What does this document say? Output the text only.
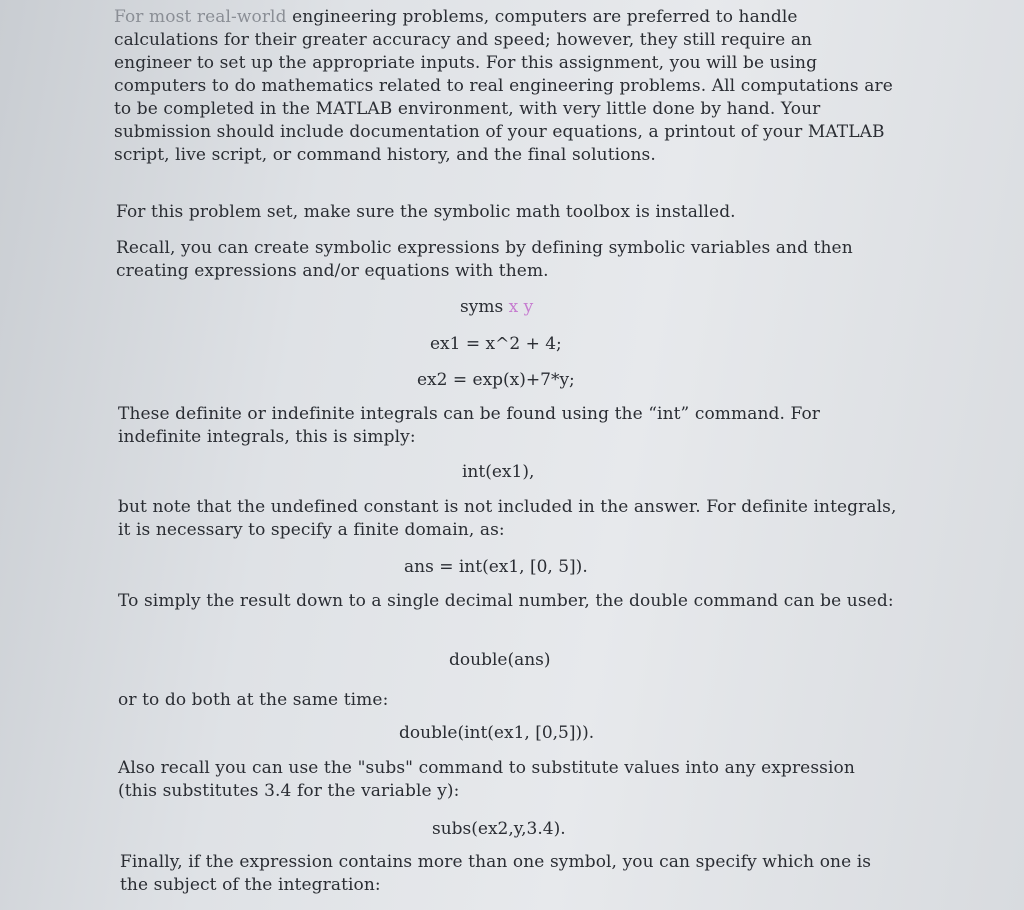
For most real-world engineering problems, computers are preferred to handle calculations for their greater accuracy and speed; however, they still require an engineer to set up the appropriate inputs. For this assignment, you will be using computers to do mathematics related to real engineering problems. All computations are to be completed in the MATLAB environment, with very little done by hand. Your submission should include documentation of your equations, a printout of your MATLAB script, live script, or command history, and the final solutions.

For this problem set, make sure the symbolic math toolbox is installed.

Recall, you can create symbolic expressions by defining symbolic variables and then creating expressions and/or equations with them.

syms x y

ex1 = x^2 + 4;

ex2 = exp(x)+7*y;

These definite or indefinite integrals can be found using the “int” command. For indefinite integrals, this is simply:

int(ex1),

but note that the undefined constant is not included in the answer. For definite integrals, it is necessary to specify a finite domain, as:

ans = int(ex1, [0, 5]).

To simply the result down to a single decimal number, the double command can be used:

double(ans)

or to do both at the same time:

double(int(ex1, [0,5])).

Also recall you can use the "subs" command to substitute values into any expression (this substitutes 3.4 for the variable y):

subs(ex2,y,3.4).

Finally, if the expression contains more than one symbol, you can specify which one is the subject of the integration:
